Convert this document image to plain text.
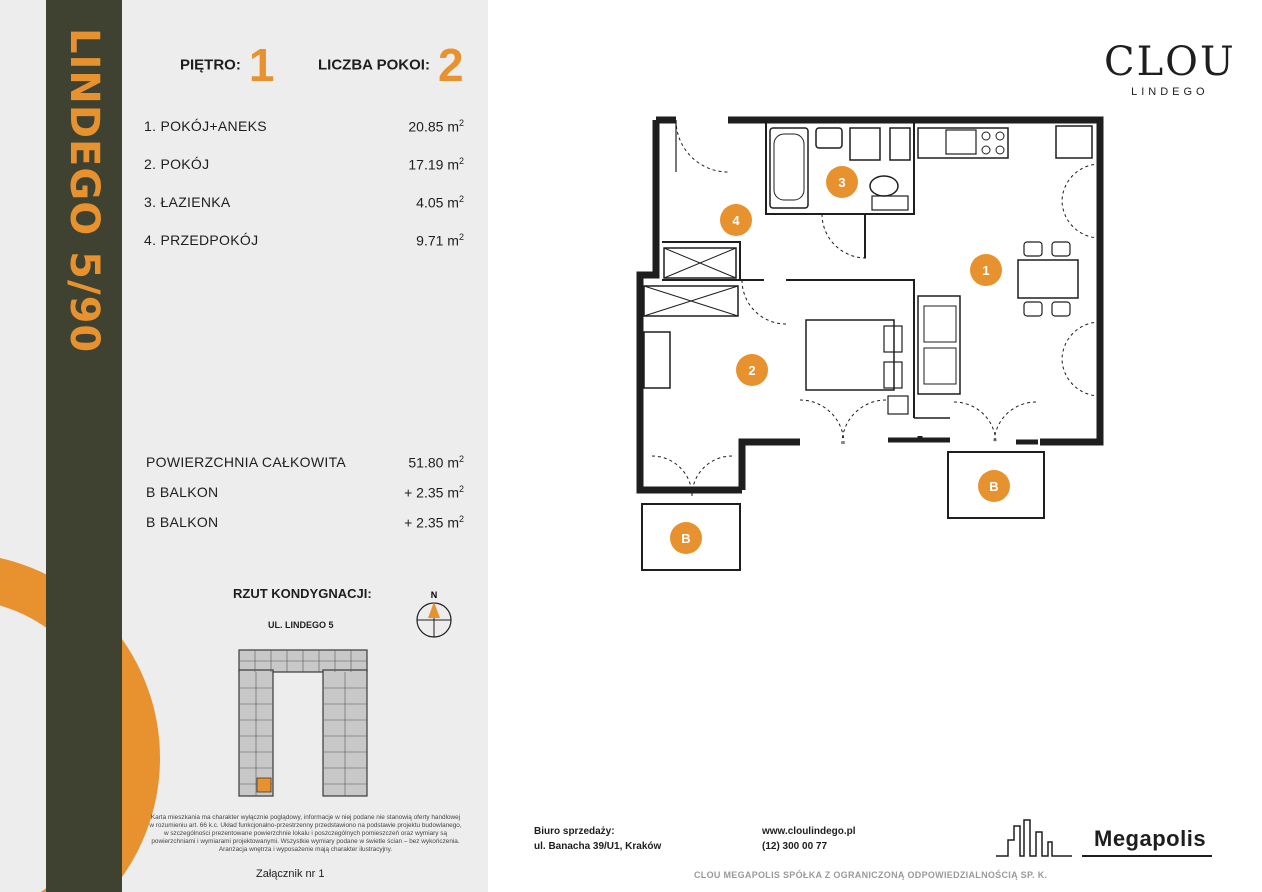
LINDEGO 5/90	PIĘTRO: 1	LICZBA POKOI: 2
1. POKÓJ+ANEKS	20.85 $m^2$
2. POKÓJ	17.19 $m^2$
3. ŁAZIENKA	4.05 $m^2$
4. PRZEDPOKÓJ	9.71 $m^2$
POWIERZCHNIA CAŁKOWITA	51.80 $m^2$
B BALKON	+ 2.35 $m^2$
B BALKON	+ 2.35 $m^2$
RZUT KONDYGNACJI:
UL. LINDEGO 5
N
Karta mieszkania ma charakter wyłącznie poglądowy, informacje w niej podane nie stanowią oferty handlowej w rozumieniu art. 66 k.c. Układ funkcjonalno-przestrzenny przedstawiono na podstawie projektu budowlanego, w szczególności prezentowane powierzchnie lokalu i poszczególnych pomieszczeń oraz wymiary są powierzchniami i wymiarami projektowanymi. Wszystkie wymiary podane w świetle ścian – bez wykończenia. Aranżacja wnętrza i wyposażenie mają charakter ilustracyjny.
Załącznik nr 1
CLOU
LINDEGO
1
2
3
4
B
B
Biuro sprzedaży:
ul. Banacha 39/U1, Kraków
www.cloulindego.pl
(12) 300 00 77	Megapolis
CLOU MEGAPOLIS SPÓŁKA Z OGRANICZONĄ ODPOWIEDZIALNOŚCIĄ SP. K.
